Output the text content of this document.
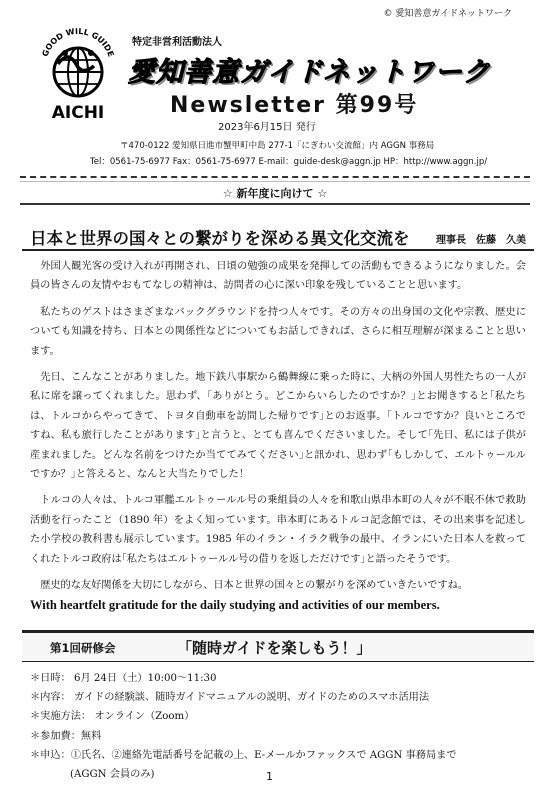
© 愛知善意ガイドネットワーク
特定非営利活動法人
GOOD WILL GUIDE
AICHI
愛知善意ガイドネットワーク
Newsletter 第99号
2023年6月15日 発行
〒470-0122 愛知県日進市蟹甲町中島 277-1「にぎわい交流館」内 AGGN 事務局
Tel：0561-75-6977 Fax：0561-75-6977 E-mail：guide-desk@aggn.jp HP：http://www.aggn.jp/
☆ 新年度に向けて ☆
日本と世界の国々との繋がりを深める異文化交流を	理事長　佐藤　久美

外国人観光客の受け入れが再開され、日頃の勉強の成果を発揮しての活動もできるようになりました。会員の皆さんの友情やおもてなしの精神は、訪問者の心に深い印象を残していることと思います。

私たちのゲストはさまざまなバックグラウンドを持つ人々です。その方々の出身国の文化や宗教、歴史についても知識を持ち、日本との関係性などについてもお話しできれば、さらに相互理解が深まることと思います。

先日、こんなことがありました。地下鉄八事駅から鶴舞線に乗った時に、大柄の外国人男性たちの一人が私に席を譲ってくれました。思わず、｢ありがとう。どこからいらしたのですか？｣とお聞きすると｢私たちは、トルコからやってきて、トヨタ自動車を訪問した帰りです｣とのお返事。｢トルコですか？良いところですね、私も旅行したことがあります｣と言うと、とても喜んでくださいました。そして｢先日、私には子供が産まれました。どんな名前をつけたか当ててみてください｣と訊かれ、思わず｢もしかして、エルトゥールルですか？｣と答えると、なんと大当たりでした！

トルコの人々は、トルコ軍艦エルトゥールル号の乗組員の人々を和歌山県串本町の人々が不眠不休で救助活動を行ったこと（1890 年）をよく知っています。串本町にあるトルコ記念館では、その出来事を記述した小学校の教科書も展示しています。1985 年のイラン・イラク戦争の最中、イランにいた日本人を救ってくれたトルコ政府は｢私たちはエルトゥールル号の借りを返しただけです｣と語ったそうです。

歴史的な友好関係を大切にしながら、日本と世界の国々との繋がりを深めていきたいですね。

With heartfelt gratitude for the daily studying and activities of our members.

第1回研修会	「随時ガイドを楽しもう！」
＊日時： 6月 24日（土）10:00～11:30
＊内容： ガイドの経験談、随時ガイドマニュアルの説明、ガイドのためのスマホ活用法
＊実施方法： オンライン（Zoom）
＊参加費：無料
＊申込：①氏名、②連絡先電話番号を記載の上、E-メールかファックスで AGGN 事務局まで
(AGGN 会員のみ)	1
